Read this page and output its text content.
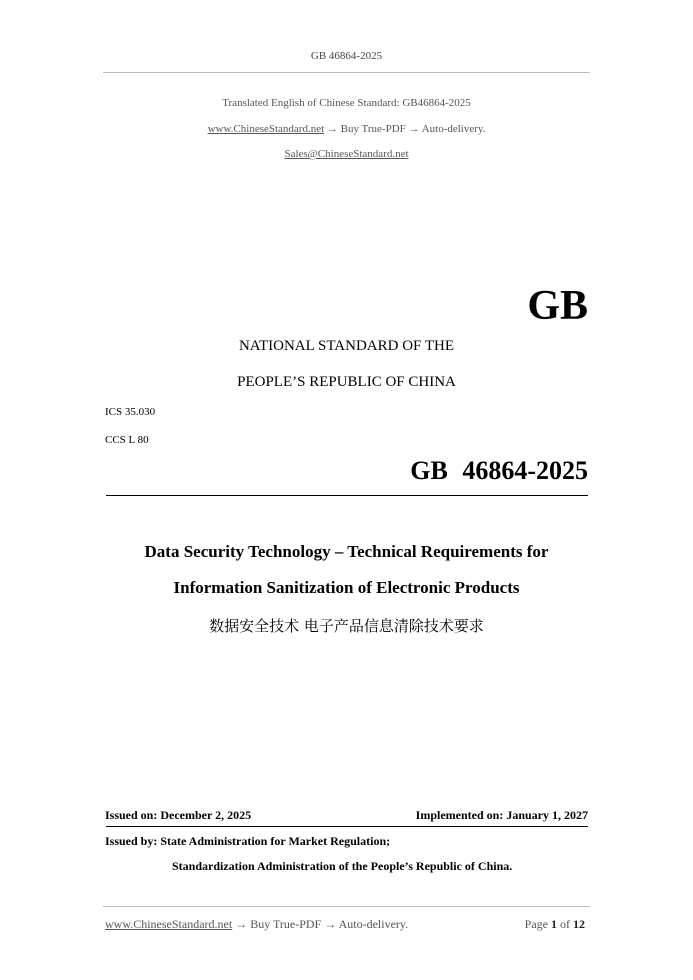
GB 46864-2025
Translated English of Chinese Standard: GB46864-2025
www.ChineseStandard.net → Buy True-PDF → Auto-delivery.
Sales@ChineseStandard.net
GB
NATIONAL STANDARD OF THE
PEOPLE’S REPUBLIC OF CHINA
ICS 35.030
CCS L 80
GB 46864-2025
Data Security Technology – Technical Requirements for
Information Sanitization of Electronic Products
数据安全技术 电子产品信息清除技术要求
Issued on: December 2, 2025	Implemented on: January 1, 2027
Issued by: State Administration for Market Regulation;
Standardization Administration of the People’s Republic of China.
www.ChineseStandard.net → Buy True-PDF → Auto-delivery.	Page 1 of 12
